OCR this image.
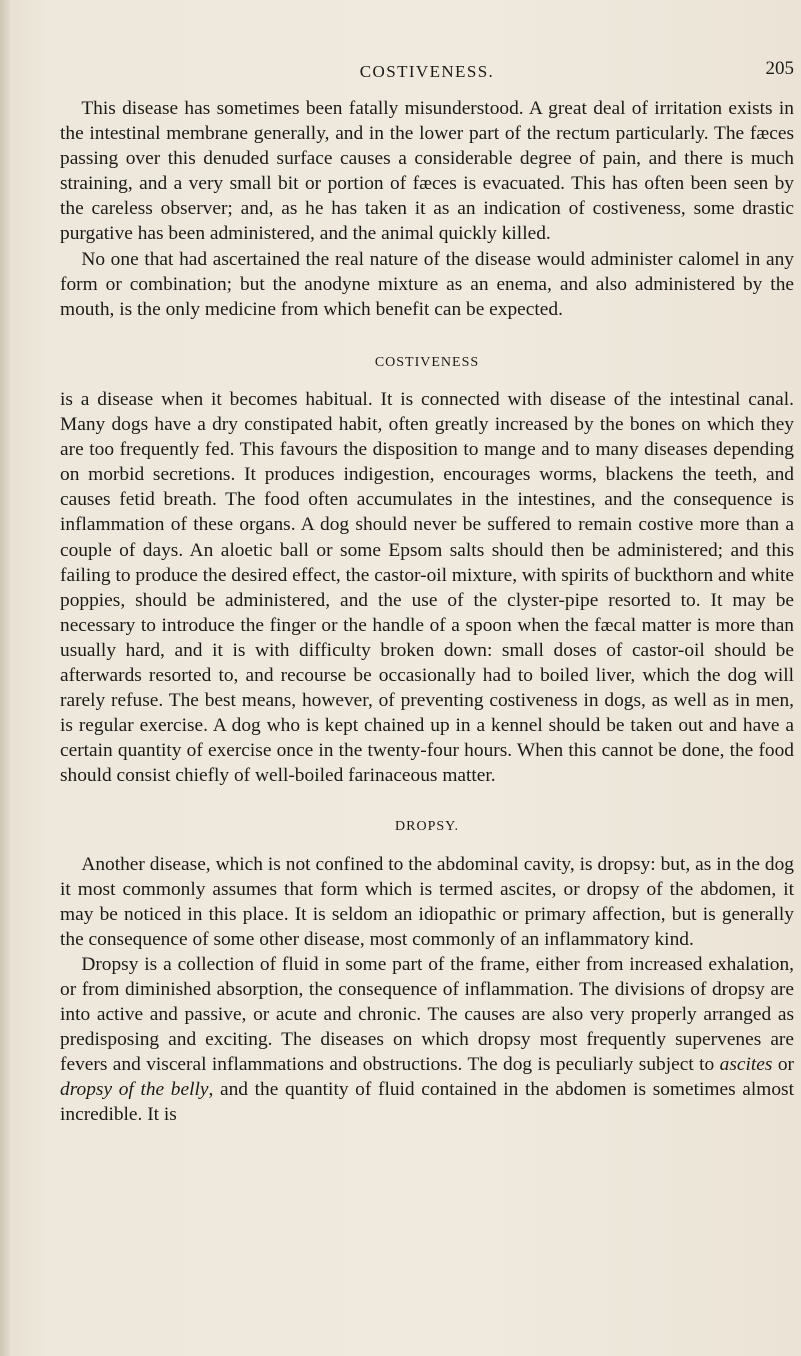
COSTIVENESS.	205

This disease has sometimes been fatally misunderstood. A great deal of irritation exists in the intestinal membrane generally, and in the lower part of the rectum particularly. The fæces passing over this denuded surface causes a considerable degree of pain, and there is much straining, and a very small bit or portion of fæces is evacuated. This has often been seen by the careless observer; and, as he has taken it as an indication of costiveness, some drastic purgative has been administered, and the animal quickly killed.

No one that had ascertained the real nature of the disease would administer calomel in any form or combination; but the anodyne mixture as an enema, and also administered by the mouth, is the only medicine from which benefit can be expected.

COSTIVENESS

is a disease when it becomes habitual. It is connected with disease of the intestinal canal. Many dogs have a dry constipated habit, often greatly increased by the bones on which they are too frequently fed. This favours the disposition to mange and to many diseases depending on morbid secretions. It produces indigestion, encourages worms, blackens the teeth, and causes fetid breath. The food often accumulates in the intestines, and the consequence is inflammation of these organs. A dog should never be suffered to remain costive more than a couple of days. An aloetic ball or some Epsom salts should then be administered; and this failing to produce the desired effect, the castor-oil mixture, with spirits of buckthorn and white poppies, should be administered, and the use of the clyster-pipe resorted to. It may be necessary to introduce the finger or the handle of a spoon when the fæcal matter is more than usually hard, and it is with difficulty broken down: small doses of castor-oil should be afterwards resorted to, and recourse be occasionally had to boiled liver, which the dog will rarely refuse. The best means, however, of preventing costiveness in dogs, as well as in men, is regular exercise. A dog who is kept chained up in a kennel should be taken out and have a certain quantity of exercise once in the twenty-four hours. When this cannot be done, the food should consist chiefly of well-boiled farinaceous matter.

DROPSY.

Another disease, which is not confined to the abdominal cavity, is dropsy: but, as in the dog it most commonly assumes that form which is termed ascites, or dropsy of the abdomen, it may be noticed in this place. It is seldom an idiopathic or primary affection, but is generally the consequence of some other disease, most commonly of an inflammatory kind.

Dropsy is a collection of fluid in some part of the frame, either from increased exhalation, or from diminished absorption, the consequence of inflammation. The divisions of dropsy are into active and passive, or acute and chronic. The causes are also very properly arranged as predisposing and exciting. The diseases on which dropsy most frequently supervenes are fevers and visceral inflammations and obstructions. The dog is peculiarly subject to ascites or dropsy of the belly, and the quantity of fluid contained in the abdomen is sometimes almost incredible. It is
